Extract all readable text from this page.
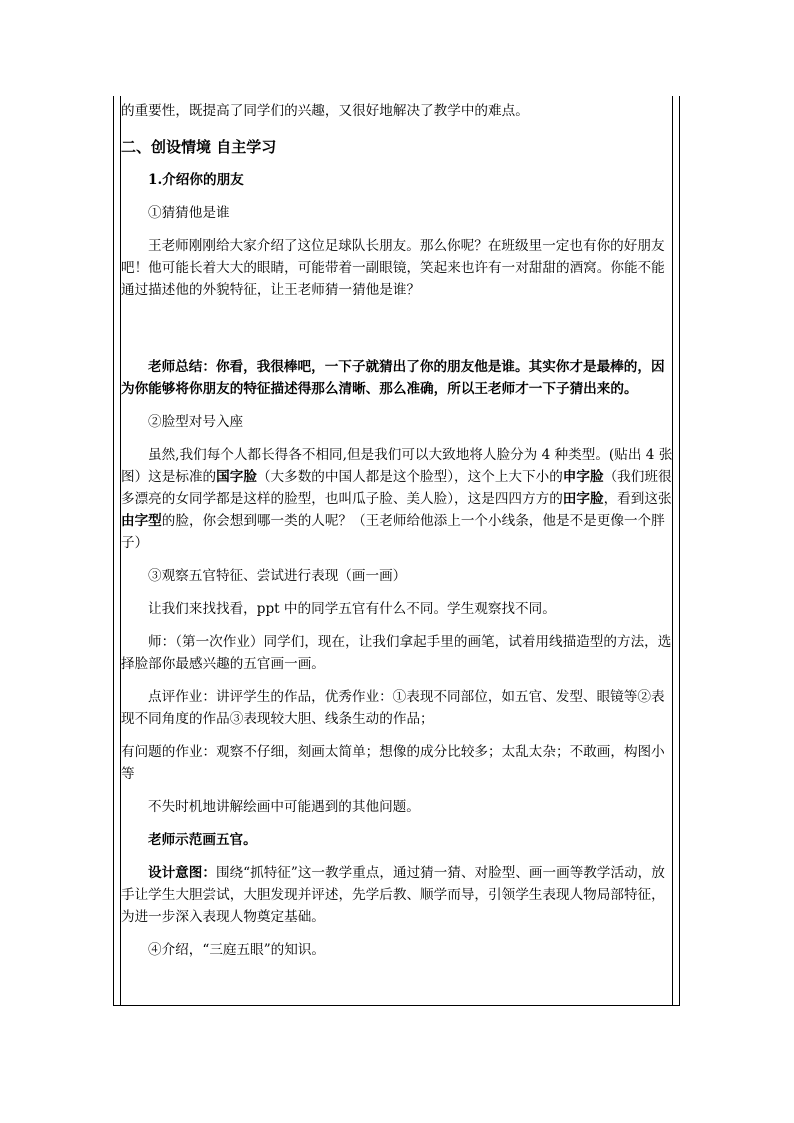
的重要性，既提高了同学们的兴趣，又很好地解决了教学中的难点。

二、创设情境 自主学习

1.介绍你的朋友

①猜猜他是谁

王老师刚刚给大家介绍了这位足球队长朋友。那么你呢？在班级里一定也有你的好朋友吧！他可能长着大大的眼睛，可能带着一副眼镜，笑起来也许有一对甜甜的酒窝。你能不能通过描述他的外貌特征，让王老师猜一猜他是谁？

老师总结：你看，我很棒吧，一下子就猜出了你的朋友他是谁。其实你才是最棒的，因为你能够将你朋友的特征描述得那么清晰、那么准确，所以王老师才一下子猜出来的。

②脸型对号入座

虽然,我们每个人都长得各不相同,但是我们可以大致地将人脸分为 4 种类型。(贴出 4 张图）这是标准的国字脸（大多数的中国人都是这个脸型），这个上大下小的申字脸（我们班很多漂亮的女同学都是这样的脸型，也叫瓜子脸、美人脸），这是四四方方的田字脸，看到这张由字型的脸，你会想到哪一类的人呢？（王老师给他添上一个小线条，他是不是更像一个胖子）

③观察五官特征、尝试进行表现（画一画）

让我们来找找看，ppt 中的同学五官有什么不同。学生观察找不同。

师：（第一次作业）同学们，现在，让我们拿起手里的画笔，试着用线描造型的方法，选择脸部你最感兴趣的五官画一画。

点评作业：讲评学生的作品，优秀作业：①表现不同部位，如五官、发型、眼镜等②表现不同角度的作品③表现较大胆、线条生动的作品；

有问题的作业：观察不仔细，刻画太简单；想像的成分比较多；太乱太杂；不敢画，构图小等

不失时机地讲解绘画中可能遇到的其他问题。

老师示范画五官。

设计意图：围绕“抓特征”这一教学重点，通过猜一猜、对脸型、画一画等教学活动，放手让学生大胆尝试，大胆发现并评述，先学后教、顺学而导，引领学生表现人物局部特征，为进一步深入表现人物奠定基础。

④介绍，“三庭五眼”的知识。
